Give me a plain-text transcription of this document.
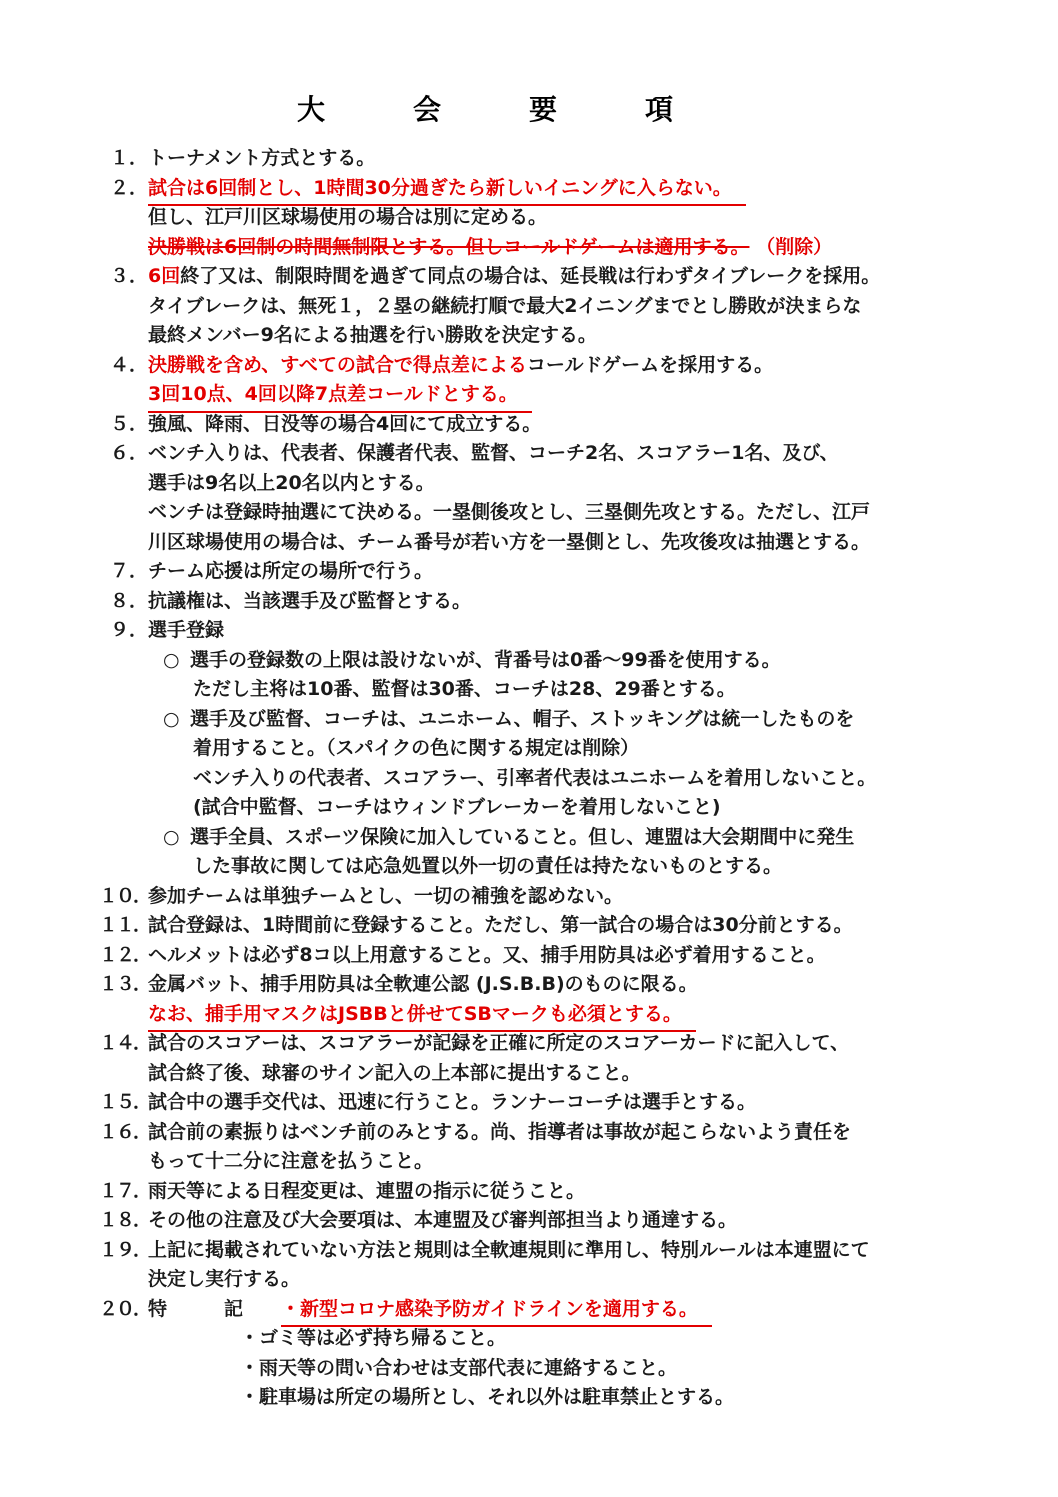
大　　　会　　　要　　　項
１．トーナメント方式とする。
２．試合は6回制とし、1時間30分過ぎたら新しいイニングに入らない。
但し、江戸川区球場使用の場合は別に定める。
決勝戦は6回制の時間無制限とする。但しコールドゲームは適用する。 （削除）
３．6回終了又は、制限時間を過ぎて同点の場合は、延長戦は行わずタイブレークを採用。
タイブレークは、無死１，２塁の継続打順で最大2イニングまでとし勝敗が決まらな
最終メンバー9名による抽選を行い勝敗を決定する。
４．決勝戦を含め、すべての試合で得点差によるコールドゲームを採用する。
3回10点、4回以降7点差コールドとする。
５．強風、降雨、日没等の場合4回にて成立する。
６．ベンチ入りは、代表者、保護者代表、監督、コーチ2名、スコアラー1名、及び、
選手は9名以上20名以内とする。
ベンチは登録時抽選にて決める。一塁側後攻とし、三塁側先攻とする。ただし、江戸
川区球場使用の場合は、チーム番号が若い方を一塁側とし、先攻後攻は抽選とする。
７．チーム応援は所定の場所で行う。
８．抗議権は、当該選手及び監督とする。
９．選手登録
○ 選手の登録数の上限は設けないが、背番号は0番～99番を使用する。
ただし主将は10番、監督は30番、コーチは28、29番とする。
○ 選手及び監督、コーチは、ユニホーム、帽子、ストッキングは統一したものを
着用すること。（スパイクの色に関する規定は削除）
ベンチ入りの代表者、スコアラー、引率者代表はユニホームを着用しないこと。
(試合中監督、コーチはウィンドブレーカーを着用しないこと)
○ 選手全員、スポーツ保険に加入していること。但し、連盟は大会期間中に発生
した事故に関しては応急処置以外一切の責任は持たないものとする。
１０．参加チームは単独チームとし、一切の補強を認めない。
１１．試合登録は、1時間前に登録すること。ただし、第一試合の場合は30分前とする。
１２．ヘルメットは必ず8コ以上用意すること。又、捕手用防具は必ず着用すること。
１３．金属バット、捕手用防具は全軟連公認 (J.S.B.B)のものに限る。
なお、捕手用マスクはJSBBと併せてSBマークも必須とする。
１４．試合のスコアーは、スコアラーが記録を正確に所定のスコアーカードに記入して、
試合終了後、球審のサイン記入の上本部に提出すること。
１５．試合中の選手交代は、迅速に行うこと。ランナーコーチは選手とする。
１６．試合前の素振りはベンチ前のみとする。尚、指導者は事故が起こらないよう責任を
もって十二分に注意を払うこと。
１７．雨天等による日程変更は、連盟の指示に従うこと。
１８．その他の注意及び大会要項は、本連盟及び審判部担当より通達する。
１９．上記に掲載されていない方法と規則は全軟連規則に準用し、特別ルールは本連盟にて
決定し実行する。
２０．特　　　記　　・新型コロナ感染予防ガイドラインを適用する。
・ゴミ等は必ず持ち帰ること。
・雨天等の問い合わせは支部代表に連絡すること。
・駐車場は所定の場所とし、それ以外は駐車禁止とする。
